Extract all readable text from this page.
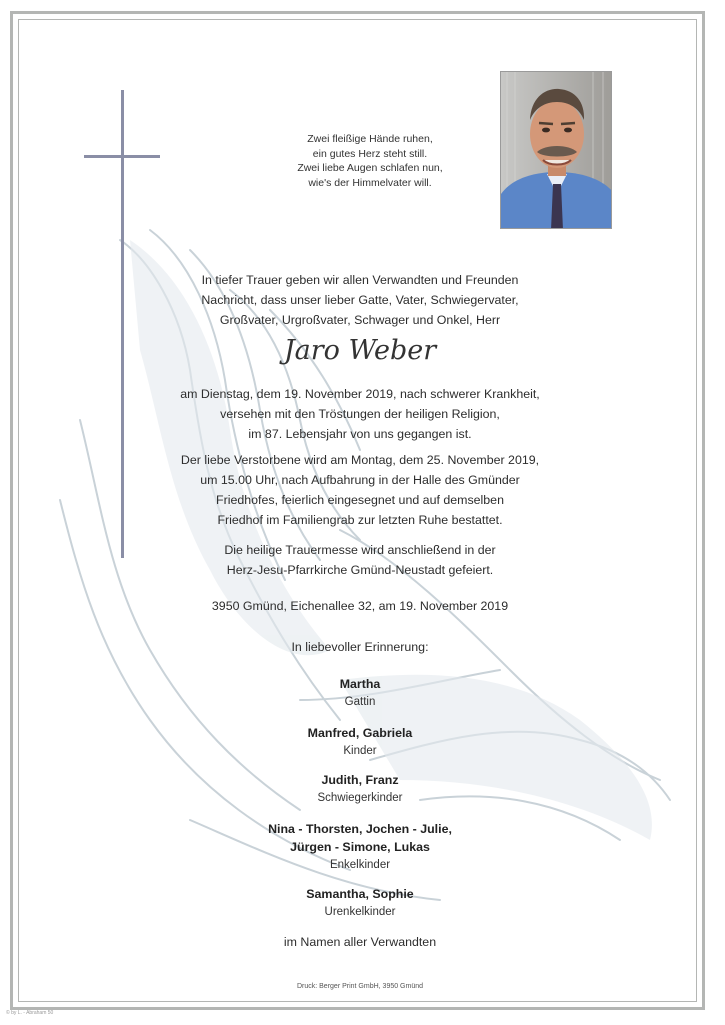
Zwei fleißige Hände ruhen,
ein gutes Herz steht still.
Zwei liebe Augen schlafen nun,
wie's der Himmelvater will.
In tiefer Trauer geben wir allen Verwandten und Freunden
Nachricht, dass unser lieber Gatte, Vater, Schwiegervater,
Großvater, Urgroßvater, Schwager und Onkel, Herr
Jaro Weber
am Dienstag, dem 19. November 2019, nach schwerer Krankheit,
versehen mit den Tröstungen der heiligen Religion,
im 87. Lebensjahr von uns gegangen ist.
Der liebe Verstorbene wird am Montag, dem 25. November 2019,
um 15.00 Uhr, nach Aufbahrung in der Halle des Gmünder
Friedhofes, feierlich eingesegnet und auf demselben
Friedhof im Familiengrab zur letzten Ruhe bestattet.
Die heilige Trauermesse wird anschließend in der
Herz-Jesu-Pfarrkirche Gmünd-Neustadt gefeiert.
3950 Gmünd, Eichenallee 32, am 19. November 2019
In liebevoller Erinnerung:
Martha
Gattin
Manfred, Gabriela
Kinder
Judith, Franz
Schwiegerkinder
Nina - Thorsten, Jochen - Julie,
Jürgen - Simone, Lukas
Enkelkinder
Samantha, Sophie
Urenkelkinder
im Namen aller Verwandten
Druck: Berger Print GmbH, 3950 Gmünd
© by L. - Abraham 50
